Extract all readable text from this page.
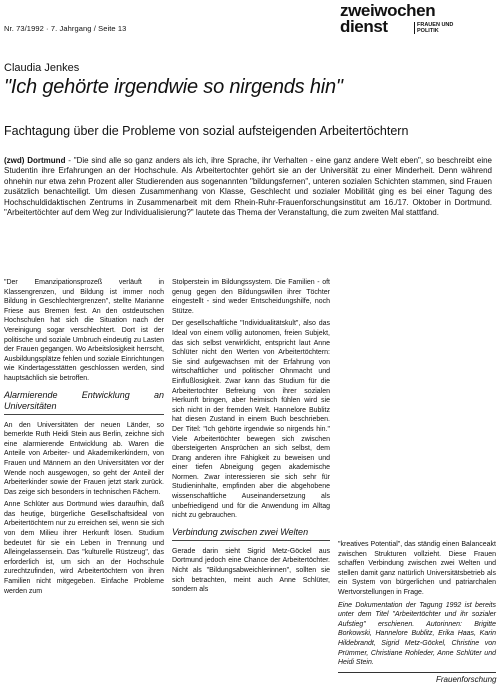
Nr. 73/1992 · 7. Jahrgang / Seite 13
zweiwochen
dienst	FRAUEN UND POLITIK
Claudia Jenkes
"Ich gehörte irgendwie so nirgends hin"
Fachtagung über die Probleme von sozial aufsteigenden Arbeitertöchtern

(zwd) Dortmund - "Die sind alle so ganz anders als ich, ihre Sprache, ihr Verhalten - eine ganz andere Welt eben", so beschreibt eine Studentin ihre Erfahrungen an der Hochschule. Als Arbeitertochter gehört sie an der Universität zu einer Minderheit. Denn während ohnehin nur etwa zehn Prozent aller Studierenden aus sogenannten "bildungsfernen", unteren sozialen Schichten stammen, sind Frauen zusätzlich benachteiligt. Um diesen Zusammenhang von Klasse, Geschlecht und sozialer Mobilität ging es bei einer Tagung des Hochschuldidaktischen Zentrums in Zusammenarbeit mit dem Rhein-Ruhr-Frauenforschungsinstitut am 16./17. Oktober in Dortmund. "Arbeitertöchter auf dem Weg zur Individualisierung?" lautete das Thema der Veranstaltung, die zum zweiten Mal stattfand.

"Der Emanzipationsprozeß verläuft in Klassengrenzen, und Bildung ist immer noch Bildung in Geschlechtergrenzen", stellte Marianne Friese aus Bremen fest. An den ostdeutschen Hochschulen hat sich die Situation nach der Vereinigung sogar verschlechtert. Dort ist der politische und soziale Umbruch eindeutig zu Lasten der Frauen gegangen. Wo Arbeitslosigkeit herrscht, Ausbildungsplätze fehlen und soziale Einrichtungen wie Kindertagesstätten geschlossen werden, sind hauptsächlich sie betroffen.

Alarmierende Entwicklung an Universitäten

An den Universitäten der neuen Länder, so bemerkte Ruth Heidi Stein aus Berlin, zeichne sich eine alarmierende Entwicklung ab. Waren die Anteile von Arbeiter- und Akademikerkindern, von Frauen und Männern an den Universitäten vor der Wende noch ausgewogen, so geht der Anteil der Arbeiterkinder sowie der Frauen jetzt stark zurück. Das zeige sich besonders in technischen Fächern.

Anne Schlüter aus Dortmund wies daraufhin, daß das heutige, bürgerliche Gesellschaftsideal von Arbeitertöchtern nur zu erreichen sei, wenn sie sich von dem Milieu ihrer Herkunft lösen. Studium bedeutet für sie ein Leben in Trennung und Alleingelassensein. Das "kulturelle Rüstzeug", das erforderlich ist, um sich an der Hochschule zurechtzufinden, wird Arbeitertöchtern von ihren Familien nicht mitgegeben. Einfache Probleme werden zum

Stolperstein im Bildungssystem. Die Familien - oft genug gegen den Bildungswillen ihrer Töchter eingestellt - sind weder Entscheidungshilfe, noch Stütze.

Der gesellschaftliche "Individualitätskult", also das Ideal von einem völlig autonomen, freien Subjekt, das sich selbst verwirklicht, entspricht laut Anne Schlüter nicht den Werten von Arbeitertöchtern: Sie sind aufgewachsen mit der Erfahrung von wirtschaftlicher und politischer Ohnmacht und Einflußlosigkeit. Zwar kann das Studium für die Arbeitertochter Befreiung von ihrer sozialen Herkunft bringen, aber heimisch fühlen wird sie sich nicht in der fremden Welt. Hannelore Bublitz hat diesen Zustand in einem Buch beschrieben. Der Titel: "Ich gehörte irgendwie so nirgends hin." Viele Arbeitertöchter bewegen sich zwischen übersteigerten Ansprüchen an sich selbst, dem Drang anderen ihre Fähigkeit zu beweisen und einer tiefen Abneigung gegen akademische Normen. Zwar interessieren sie sich sehr für Studieninhalte, empfinden aber die abgehobene wissenschaftliche Auseinandersetzung als unbefriedigend und für die Anwendung im Alltag nicht zu gebrauchen.

Verbindung zwischen zwei Welten

Gerade darin sieht Sigrid Metz-Göckel aus Dortmund jedoch eine Chance der Arbeitertöchter. Nicht als "Bildungsabweichlerinnen", sollten sie sich betrachten, meint auch Anne Schlüter, sondern als

"kreatives Potential", das ständig einen Balanceakt zwischen Strukturen vollzieht. Diese Frauen schaffen Verbindung zwischen zwei Welten und stellen damit ganz natürlich Universitätsbetrieb als ein System von bürgerlichen und patriarchalen Wertvorstellungen in Frage.

Eine Dokumentation der Tagung 1992 ist bereits unter dem Titel "Arbeitertöchter und ihr sozialer Aufstieg" erschienen. Autorinnen: Brigitte Borkowski, Hannelore Bublitz, Erika Haas, Karin Hildebrandt, Sigrid Metz-Göckel, Christine von Prümmer, Christiane Rohleder, Anne Schlüter und Heidi Stein.

Frauenforschung
